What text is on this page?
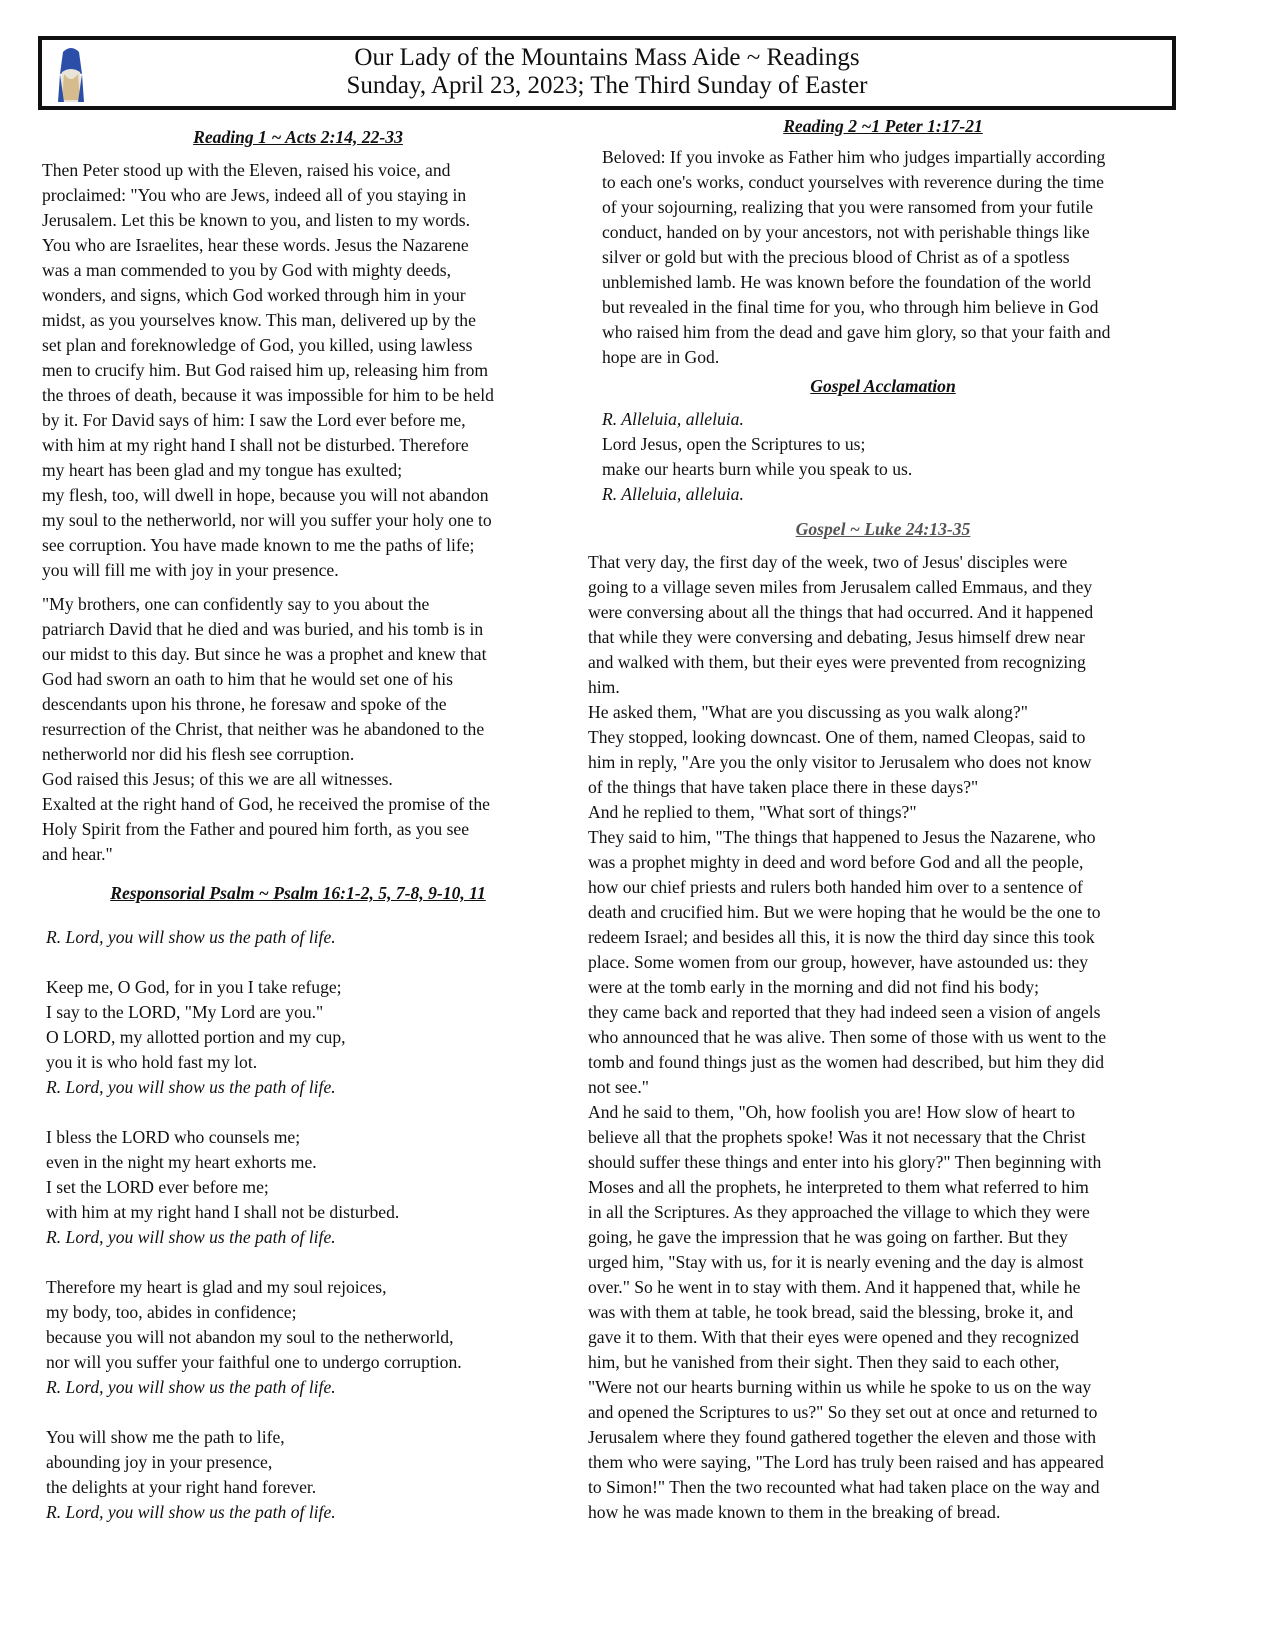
Our Lady of the Mountains Mass Aide ~ Readings
Sunday, April 23, 2023; The Third Sunday of Easter
Reading 1 ~ Acts 2:14, 22-33
Then Peter stood up with the Eleven, raised his voice, and
proclaimed: "You who are Jews, indeed all of you staying in
Jerusalem. Let this be known to you, and listen to my words.
You who are Israelites, hear these words. Jesus the Nazarene
was a man commended to you by God with mighty deeds,
wonders, and signs, which God worked through him in your
midst, as you yourselves know. This man, delivered up by the
set plan and foreknowledge of God, you killed, using lawless
men to crucify him. But God raised him up, releasing him from
the throes of death, because it was impossible for him to be held
by it. For David says of him: I saw the Lord ever before me,
with him at my right hand I shall not be disturbed. Therefore
my heart has been glad and my tongue has exulted;
my flesh, too, will dwell in hope, because you will not abandon
my soul to the netherworld, nor will you suffer your holy one to
see corruption. You have made known to me the paths of life;
you will fill me with joy in your presence.
"My brothers, one can confidently say to you about the
patriarch David that he died and was buried, and his tomb is in
our midst to this day. But since he was a prophet and knew that
God had sworn an oath to him that he would set one of his
descendants upon his throne, he foresaw and spoke of the
resurrection of the Christ, that neither was he abandoned to the
netherworld nor did his flesh see corruption.
God raised this Jesus; of this we are all witnesses.
Exalted at the right hand of God, he received the promise of the
Holy Spirit from the Father and poured him forth, as you see
and hear."
Responsorial Psalm ~ Psalm 16:1-2, 5, 7-8, 9-10, 11
R. Lord, you will show us the path of life.
Keep me, O God, for in you I take refuge;
I say to the LORD, "My Lord are you."
O LORD, my allotted portion and my cup,
you it is who hold fast my lot.
R. Lord, you will show us the path of life.
I bless the LORD who counsels me;
even in the night my heart exhorts me.
I set the LORD ever before me;
with him at my right hand I shall not be disturbed.
R. Lord, you will show us the path of life.
Therefore my heart is glad and my soul rejoices,
my body, too, abides in confidence;
because you will not abandon my soul to the netherworld,
nor will you suffer your faithful one to undergo corruption.
R. Lord, you will show us the path of life.
You will show me the path to life,
abounding joy in your presence,
the delights at your right hand forever.
R. Lord, you will show us the path of life.
Reading 2 ~1 Peter 1:17-21
Beloved: If you invoke as Father him who judges impartially according
to each one's works, conduct yourselves with reverence during the time
of your sojourning, realizing that you were ransomed from your futile
conduct, handed on by your ancestors, not with perishable things like
silver or gold but with the precious blood of Christ as of a spotless
unblemished lamb. He was known before the foundation of the world
but revealed in the final time for you, who through him believe in God
who raised him from the dead and gave him glory, so that your faith and
hope are in God.
Gospel Acclamation
R. Alleluia, alleluia.
Lord Jesus, open the Scriptures to us;
make our hearts burn while you speak to us.
R. Alleluia, alleluia.
Gospel ~ Luke 24:13-35
That very day, the first day of the week, two of Jesus' disciples were
going to a village seven miles from Jerusalem called Emmaus, and they
were conversing about all the things that had occurred. And it happened
that while they were conversing and debating, Jesus himself drew near
and walked with them, but their eyes were prevented from recognizing
him.
He asked them, "What are you discussing as you walk along?"
They stopped, looking downcast. One of them, named Cleopas, said to
him in reply, "Are you the only visitor to Jerusalem who does not know
of the things that have taken place there in these days?"
And he replied to them, "What sort of things?"
They said to him, "The things that happened to Jesus the Nazarene, who
was a prophet mighty in deed and word before God and all the people,
how our chief priests and rulers both handed him over to a sentence of
death and crucified him. But we were hoping that he would be the one to
redeem Israel; and besides all this, it is now the third day since this took
place. Some women from our group, however, have astounded us: they
were at the tomb early in the morning and did not find his body;
they came back and reported that they had indeed seen a vision of angels
who announced that he was alive. Then some of those with us went to the
tomb and found things just as the women had described, but him they did
not see."
And he said to them, "Oh, how foolish you are! How slow of heart to
believe all that the prophets spoke! Was it not necessary that the Christ
should suffer these things and enter into his glory?" Then beginning with
Moses and all the prophets, he interpreted to them what referred to him
in all the Scriptures. As they approached the village to which they were
going, he gave the impression that he was going on farther. But they
urged him, "Stay with us, for it is nearly evening and the day is almost
over." So he went in to stay with them. And it happened that, while he
was with them at table, he took bread, said the blessing, broke it, and
gave it to them. With that their eyes were opened and they recognized
him, but he vanished from their sight. Then they said to each other,
"Were not our hearts burning within us while he spoke to us on the way
and opened the Scriptures to us?" So they set out at once and returned to
Jerusalem where they found gathered together the eleven and those with
them who were saying, "The Lord has truly been raised and has appeared
to Simon!" Then the two recounted what had taken place on the way and
how he was made known to them in the breaking of bread.
